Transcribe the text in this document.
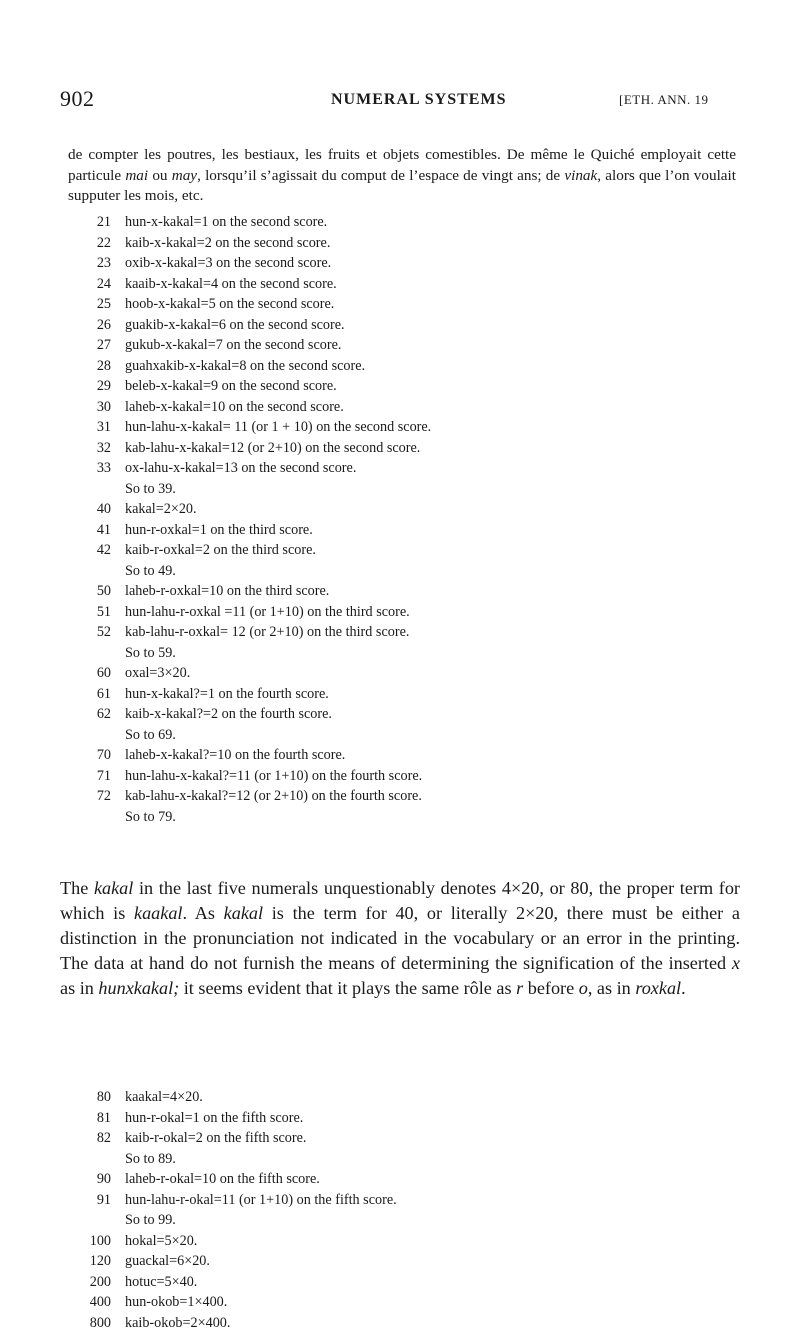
902	NUMERAL SYSTEMS	[ETH. ANN. 19
de compter les poutres, les bestiaux, les fruits et objets comestibles. De même le Quiché employait cette particule mai ou may, lorsqu’il s’agissait du comput de l’espace de vingt ans; de vinak, alors que l’on voulait supputer les mois, etc.
21 hun-x-kakal=1 on the second score.
22 kaib-x-kakal=2 on the second score.
23 oxib-x-kakal=3 on the second score.
24 kaaib-x-kakal=4 on the second score.
25 hoob-x-kakal=5 on the second score.
26 guakib-x-kakal=6 on the second score.
27 gukub-x-kakal=7 on the second score.
28 guahxakib-x-kakal=8 on the second score.
29 beleb-x-kakal=9 on the second score.
30 laheb-x-kakal=10 on the second score.
31 hun-lahu-x-kakal= 11 (or 1 + 10) on the second score.
32 kab-lahu-x-kakal=12 (or 2+10) on the second score.
33 ox-lahu-x-kakal=13 on the second score.
So to 39.
40 kakal=2×20.
41 hun-r-oxkal=1 on the third score.
42 kaib-r-oxkal=2 on the third score.
So to 49.
50 laheb-r-oxkal=10 on the third score.
51 hun-lahu-r-oxkal =11 (or 1+10) on the third score.
52 kab-lahu-r-oxkal= 12 (or 2+10) on the third score.
So to 59.
60 oxal=3×20.
61 hun-x-kakal?=1 on the fourth score.
62 kaib-x-kakal?=2 on the fourth score.
So to 69.
70 laheb-x-kakal?=10 on the fourth score.
71 hun-lahu-x-kakal?=11 (or 1+10) on the fourth score.
72 kab-lahu-x-kakal?=12 (or 2+10) on the fourth score.
So to 79.
The kakal in the last five numerals unquestionably denotes 4×20, or 80, the proper term for which is kaakal. As kakal is the term for 40, or literally 2×20, there must be either a distinction in the pronunciation not indicated in the vocabulary or an error in the printing. The data at hand do not furnish the means of determining the signification of the inserted x as in hunxkakal; it seems evident that it plays the same rôle as r before o, as in roxkal.
80 kaakal=4×20.
81 hun-r-okal=1 on the fifth score.
82 kaib-r-okal=2 on the fifth score.
So to 89.
90 laheb-r-okal=10 on the fifth score.
91 hun-lahu-r-okal=11 (or 1+10) on the fifth score.
So to 99.
100 hokal=5×20.
120 guackal=6×20.
200 hotuc=5×40.
400 hun-okob=1×400.
800 kaib-okob=2×400.
